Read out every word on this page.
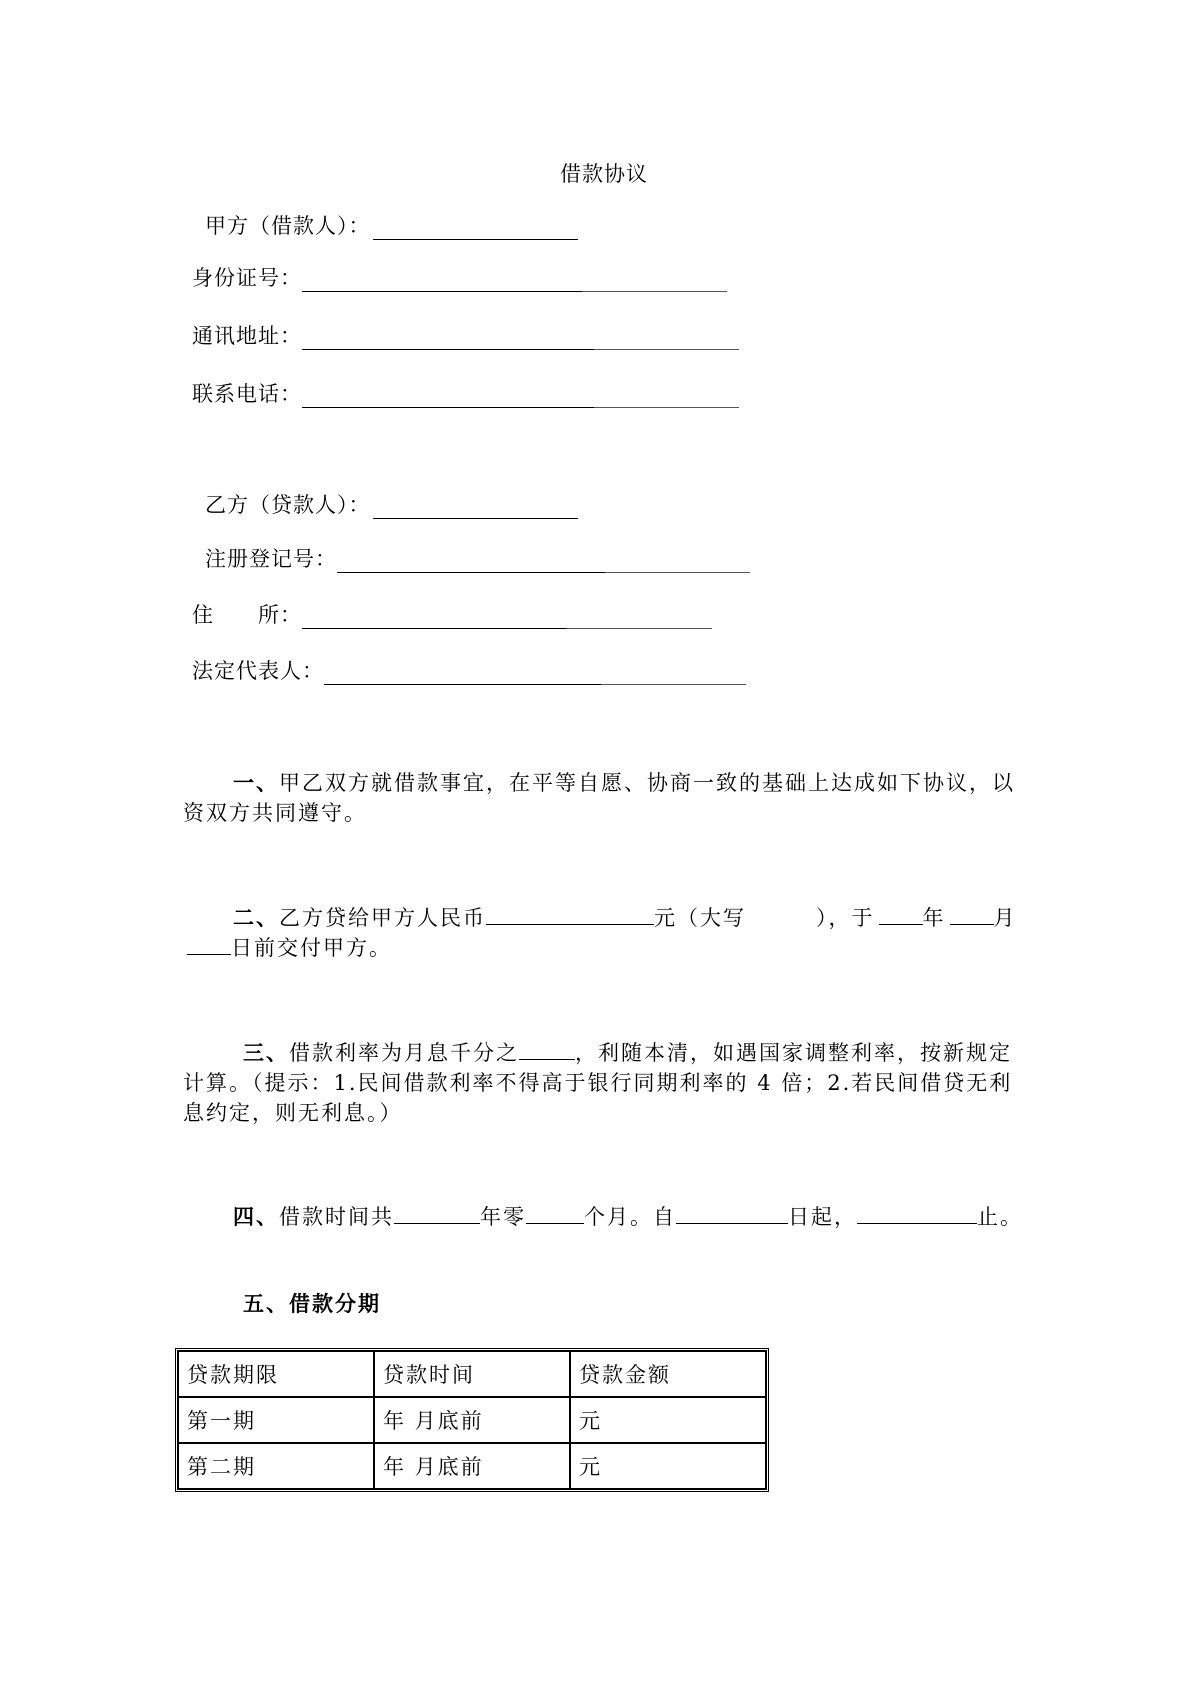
借款协议
甲方（借款人）：
身份证号：
通讯地址：
联系电话：
乙方（贷款人）：
注册登记号：
住　　所：
法定代表人：
一、甲乙双方就借款事宜，在平等自愿、协商一致的基础上达成如下协议，以资双方共同遵守。
二、乙方贷给甲方人民币	元（大写	），于 年 月日前交付甲方。
三、借款利率为月息千分之	，利随本清，如遇国家调整利率，按新规定计算。（提示：1.民间借款利率不得高于银行同期利率的 4 倍；2.若民间借贷无利息约定，则无利息。）
四、借款时间共	年零	个月。自	日起，	止。
五、借款分期
贷款期限	贷款时间	贷款金额
第一期	年 月底前	元
第二期	年 月底前	元
